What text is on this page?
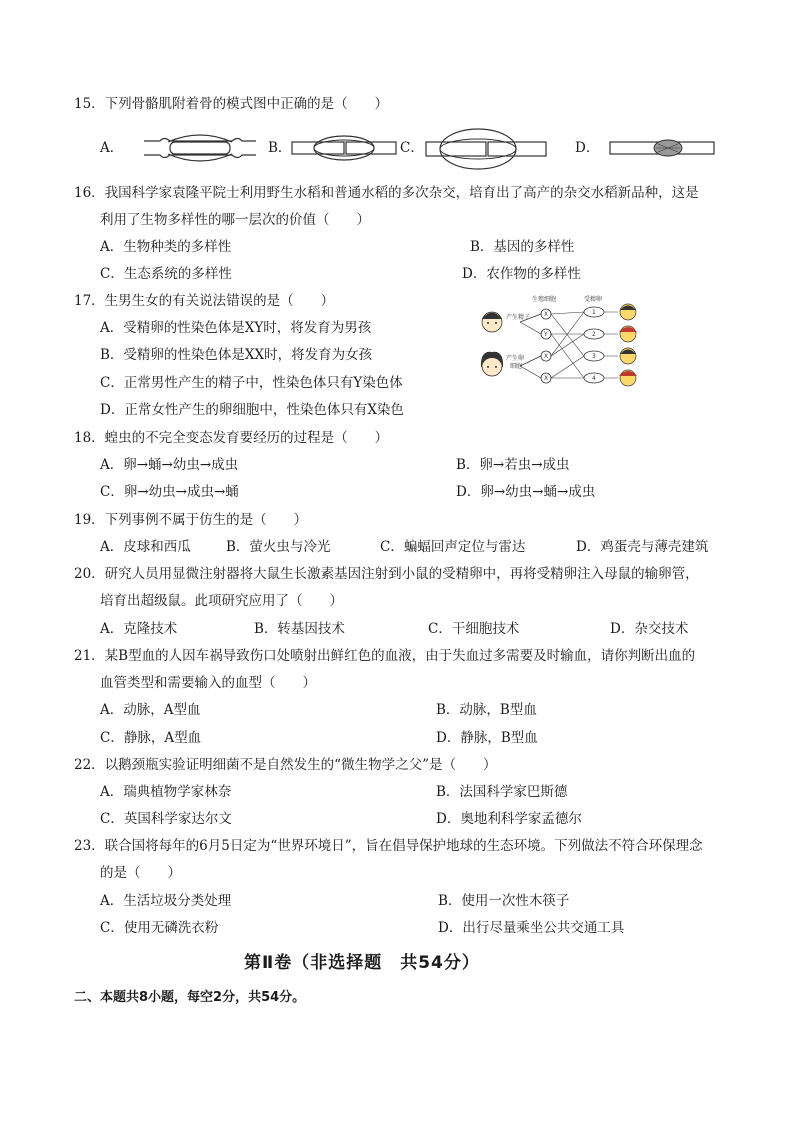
15．下列骨骼肌附着骨的模式图中正确的是（　　）
A．	B．	C．	D．
16．我国科学家袁隆平院士利用野生水稻和普通水稻的多次杂交，培育出了高产的杂交水稻新品种，这是
利用了生物多样性的哪一层次的价值（　　）
A．生物种类的多样性	B．基因的多样性
C．生态系统的多样性	D．农作物的多样性
17．生男生女的有关说法错误的是（　　）
A．受精卵的性染色体是XY时，将发育为男孩
B．受精卵的性染色体是XX时，将发育为女孩
C．正常男性产生的精子中，性染色体只有Y染色体
D．正常女性产生的卵细胞中，性染色体只有X染色
生殖细胞	受精卵
产生精子
产生卵
细胞
X
Y
X
X
1
2
3
4
18．蝗虫的不完全变态发育要经历的过程是（　　）
A．卵→蛹→幼虫→成虫	B．卵→若虫→成虫
C．卵→幼虫→成虫→蛹	D．卵→幼虫→蛹→成虫
19．下列事例不属于仿生的是（　　）
A．皮球和西瓜	B．萤火虫与冷光	C．蝙蝠回声定位与雷达	D．鸡蛋壳与薄壳建筑
20．研究人员用显微注射器将大鼠生长激素基因注射到小鼠的受精卵中，再将受精卵注入母鼠的输卵管，
培育出超级鼠。此项研究应用了（　　）
A．克隆技术	B．转基因技术	C．干细胞技术	D．杂交技术
21．某B型血的人因车祸导致伤口处喷射出鲜红色的血液，由于失血过多需要及时输血，请你判断出血的
血管类型和需要输入的血型（　　）
A．动脉，A型血	B．动脉，B型血
C．静脉，A型血	D．静脉，B型血
22．以鹅颈瓶实验证明细菌不是自然发生的“微生物学之父”是（　　）
A．瑞典植物学家林奈	B．法国科学家巴斯德
C．英国科学家达尔文	D．奥地利科学家孟德尔
23．联合国将每年的6月5日定为“世界环境日”，旨在倡导保护地球的生态环境。下列做法不符合环保理念
的是（　　）
A．生活垃圾分类处理	B．使用一次性木筷子
C．使用无磷洗衣粉	D．出行尽量乘坐公共交通工具
第Ⅱ卷（非选择题　共54分）
二、本题共8小题，每空2分，共54分。
